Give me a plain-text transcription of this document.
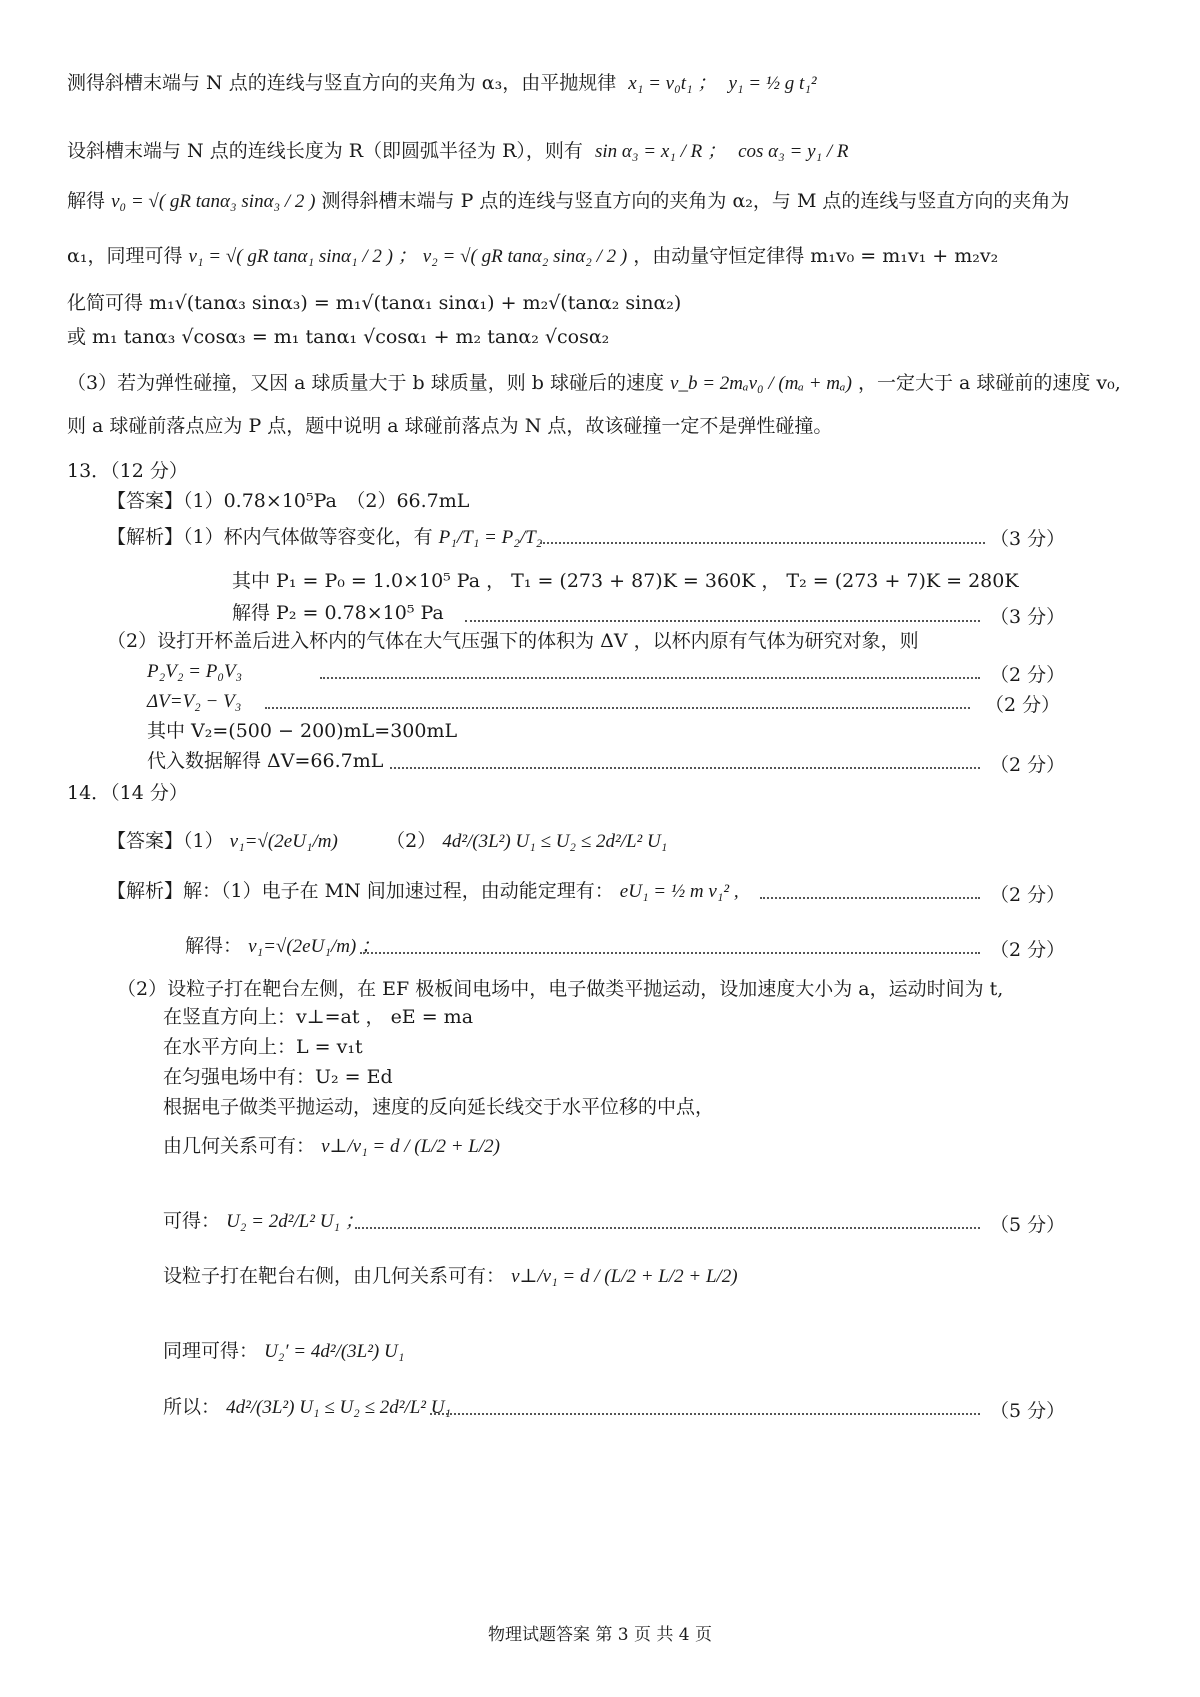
测得斜槽末端与 N 点的连线与竖直方向的夹角为 α₃，由平抛规律 x₁ = v₀t₁ ； y₁ = ½ g t₁²
设斜槽末端与 N 点的连线长度为 R（即圆弧半径为 R），则有 sin α₃ = x₁ / R ； cos α₃ = y₁ / R
解得 v₀ = √( gR tanα₃ sinα₃ / 2 ) 测得斜槽末端与 P 点的连线与竖直方向的夹角为 α₂，与 M 点的连线与竖直方向的夹角为
α₁，同理可得 v₁ = √( gR tanα₁ sinα₁ / 2 ) ； v₂ = √( gR tanα₂ sinα₂ / 2 ) ，由动量守恒定律得 m₁v₀ = m₁v₁ + m₂v₂
化简可得 m₁√(tanα₃ sinα₃) = m₁√(tanα₁ sinα₁) + m₂√(tanα₂ sinα₂)
或 m₁ tanα₃ √cosα₃ = m₁ tanα₁ √cosα₁ + m₂ tanα₂ √cosα₂
（3）若为弹性碰撞，又因 a 球质量大于 b 球质量，则 b 球碰后的速度 v_b = 2mₐv₀ / (mₐ + mₐ) ，一定大于 a 球碰前的速度 v₀,
则 a 球碰前落点应为 P 点，题中说明 a 球碰前落点为 N 点，故该碰撞一定不是弹性碰撞。
13．（12 分）
【答案】（1）0.78×10⁵Pa　（2）66.7mL
【解析】（1）杯内气体做等容变化，有 P₁/T₁ = P₂/T₂	（3 分）
其中 P₁ = P₀ = 1.0×10⁵ Pa ， T₁ = (273 + 87)K = 360K ， T₂ = (273 + 7)K = 280K
解得 P₂ = 0.78×10⁵ Pa	（3 分）
（2）设打开杯盖后进入杯内的气体在大气压强下的体积为 ΔV ，以杯内原有气体为研究对象，则
P₂V₂ = P₀V₃	（2 分）
ΔV=V₂ − V₃	（2 分）
其中 V₂=(500 − 200)mL=300mL
代入数据解得 ΔV=66.7mL	（2 分）
14．（14 分）
【答案】（1） v₁=√(2eU₁/m)	（2） 4d²/(3L²) U₁ ≤ U₂ ≤ 2d²/L² U₁
【解析】解：（1）电子在 MN 间加速过程，由动能定理有： eU₁ = ½ m v₁² ,	（2 分）
解得： v₁=√(2eU₁/m) ；	（2 分）
（2）设粒子打在靶台左侧，在 EF 极板间电场中，电子做类平抛运动，设加速度大小为 a，运动时间为 t,
在竖直方向上：v⊥=at ， eE = ma
在水平方向上：L = v₁t
在匀强电场中有：U₂ = Ed
根据电子做类平抛运动，速度的反向延长线交于水平位移的中点，
由几何关系可有： v⊥/v₁ = d / (L/2 + L/2)
可得： U₂ = 2d²/L² U₁ ；	（5 分）
设粒子打在靶台右侧，由几何关系可有： v⊥/v₁ = d / (L/2 + L/2 + L/2)
同理可得： U₂′ = 4d²/(3L²) U₁
所以： 4d²/(3L²) U₁ ≤ U₂ ≤ 2d²/L² U₁	（5 分）
物理试题答案 第 3 页 共 4 页
